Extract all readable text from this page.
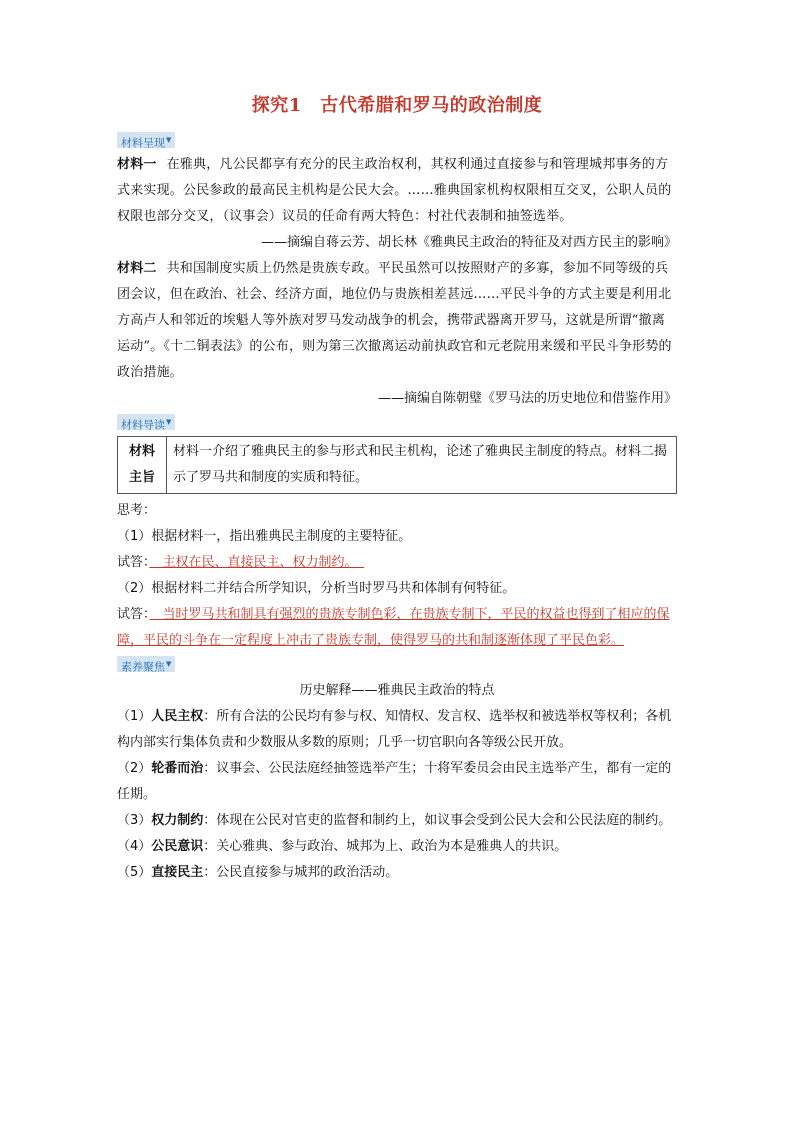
探究1　古代希腊和罗马的政治制度
材料呈现▼
材料一 在雅典，凡公民都享有充分的民主政治权利，其权利通过直接参与和管理城邦事务的方式来实现。公民参政的最高民主机构是公民大会。……雅典国家机构权限相互交叉，公职人员的权限也部分交叉，（议事会）议员的任命有两大特色：村社代表制和抽签选举。
——摘编自蒋云芳、胡长林《雅典民主政治的特征及对西方民主的影响》
材料二 共和国制度实质上仍然是贵族专政。平民虽然可以按照财产的多寡，参加不同等级的兵团会议，但在政治、社会、经济方面，地位仍与贵族相差甚远……平民斗争的方式主要是利用北方高卢人和邻近的埃魁人等外族对罗马发动战争的机会，携带武器离开罗马，这就是所谓“撤离运动”。《十二铜表法》的公布，则为第三次撤离运动前执政官和元老院用来缓和平民斗争形势的政治措施。
——摘编自陈朝璧《罗马法的历史地位和借鉴作用》
材料导读▼
材料
主旨
	材料一介绍了雅典民主的参与形式和民主机构，论述了雅典民主制度的特点。材料二揭示了罗马共和制度的实质和特征。
思考：
（1）根据材料一，指出雅典民主制度的主要特征。
试答：　主权在民、直接民主、权力制约。　
（2）根据材料二并结合所学知识，分析当时罗马共和体制有何特征。
试答：　当时罗马共和制具有强烈的贵族专制色彩，在贵族专制下，平民的权益也得到了相应的保障，平民的斗争在一定程度上冲击了贵族专制，使得罗马的共和制逐渐体现了平民色彩。
素养聚焦▼
历史解释——雅典民主政治的特点
（1）人民主权：所有合法的公民均有参与权、知情权、发言权、选举权和被选举权等权利；各机构内部实行集体负责和少数服从多数的原则；几乎一切官职向各等级公民开放。
（2）轮番而治：议事会、公民法庭经抽签选举产生；十将军委员会由民主选举产生，都有一定的任期。
（3）权力制约：体现在公民对官吏的监督和制约上，如议事会受到公民大会和公民法庭的制约。
（4）公民意识：关心雅典、参与政治、城邦为上、政治为本是雅典人的共识。
（5）直接民主：公民直接参与城邦的政治活动。
